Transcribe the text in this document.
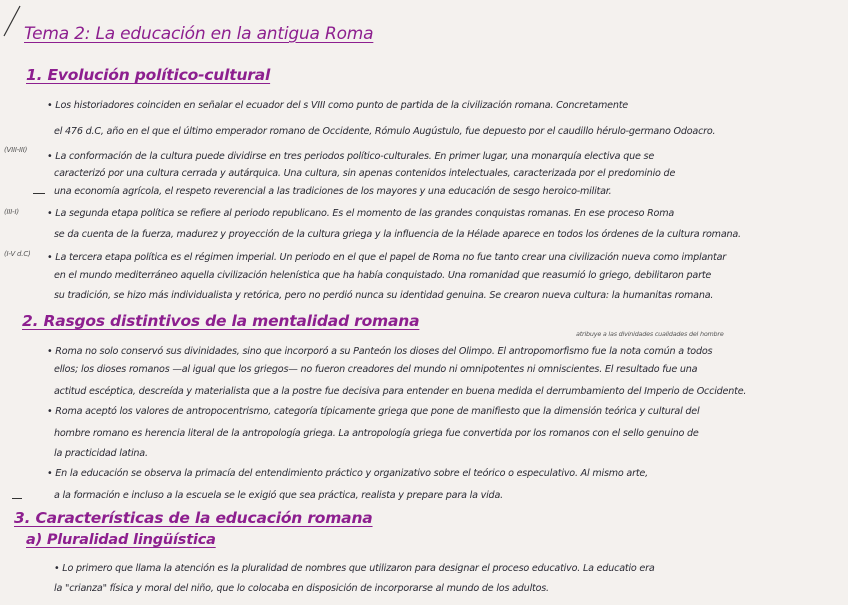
Tema 2: La educación en la antigua Roma
1. Evolución político-cultural
• Los historiadores coinciden en señalar el ecuador del s VIII como punto de partida de la civilización romana. Concretamente
el 476 d.C, año en el que el último emperador romano de Occidente, Rómulo Augústulo, fue depuesto por el caudillo hérulo-germano Odoacro.
(VIII-III)
• La conformación de la cultura puede dividirse en tres periodos político-culturales. En primer lugar, una monarquía electiva que se
caracterizó por una cultura cerrada y autárquica. Una cultura, sin apenas contenidos intelectuales, caracterizada por el predominio de
una economía agrícola, el respeto reverencial a las tradiciones de los mayores y una educación de sesgo heroico-militar.
(III-I)	• La segunda etapa política se refiere al periodo republicano. Es el momento de las grandes conquistas romanas. En ese proceso Roma
se da cuenta de la fuerza, madurez y proyección de la cultura griega y la influencia de la Hélade aparece en todos los órdenes de la cultura romana.
(I-V d.C) • La tercera etapa política es el régimen imperial. Un periodo en el que el papel de Roma no fue tanto crear una civilización nueva como implantar
en el mundo mediterráneo aquella civilización helenística que ha había conquistado. Una romanidad que reasumió lo griego, debilitaron parte
su tradición, se hizo más individualista y retórica, pero no perdió nunca su identidad genuina. Se crearon nueva cultura: la humanitas romana.
2. Rasgos distintivos de la mentalidad romana
atribuye a las divinidades cualidades del hombre
• Roma no solo conservó sus divinidades, sino que incorporó a su Panteón los dioses del Olimpo. El antropomorfismo fue la nota común a todos
ellos; los dioses romanos —al igual que los griegos— no fueron creadores del mundo ni omnipotentes ni omniscientes. El resultado fue una
actitud escéptica, descreída y materialista que a la postre fue decisiva para entender en buena medida el derrumbamiento del Imperio de Occidente.
• Roma aceptó los valores de antropocentrismo, categoría típicamente griega que pone de manifiesto que la dimensión teórica y cultural del
hombre romano es herencia literal de la antropología griega. La antropología griega fue convertida por los romanos con el sello genuino de
la practicidad latina.
• En la educación se observa la primacía del entendimiento práctico y organizativo sobre el teórico o especulativo. Al mismo arte,
a la formación e incluso a la escuela se le exigió que sea práctica, realista y prepare para la vida.
3. Características de la educación romana
a) Pluralidad lingüística
• Lo primero que llama la atención es la pluralidad de nombres que utilizaron para designar el proceso educativo. La educatio era
la "crianza" física y moral del niño, que lo colocaba en disposición de incorporarse al mundo de los adultos.
